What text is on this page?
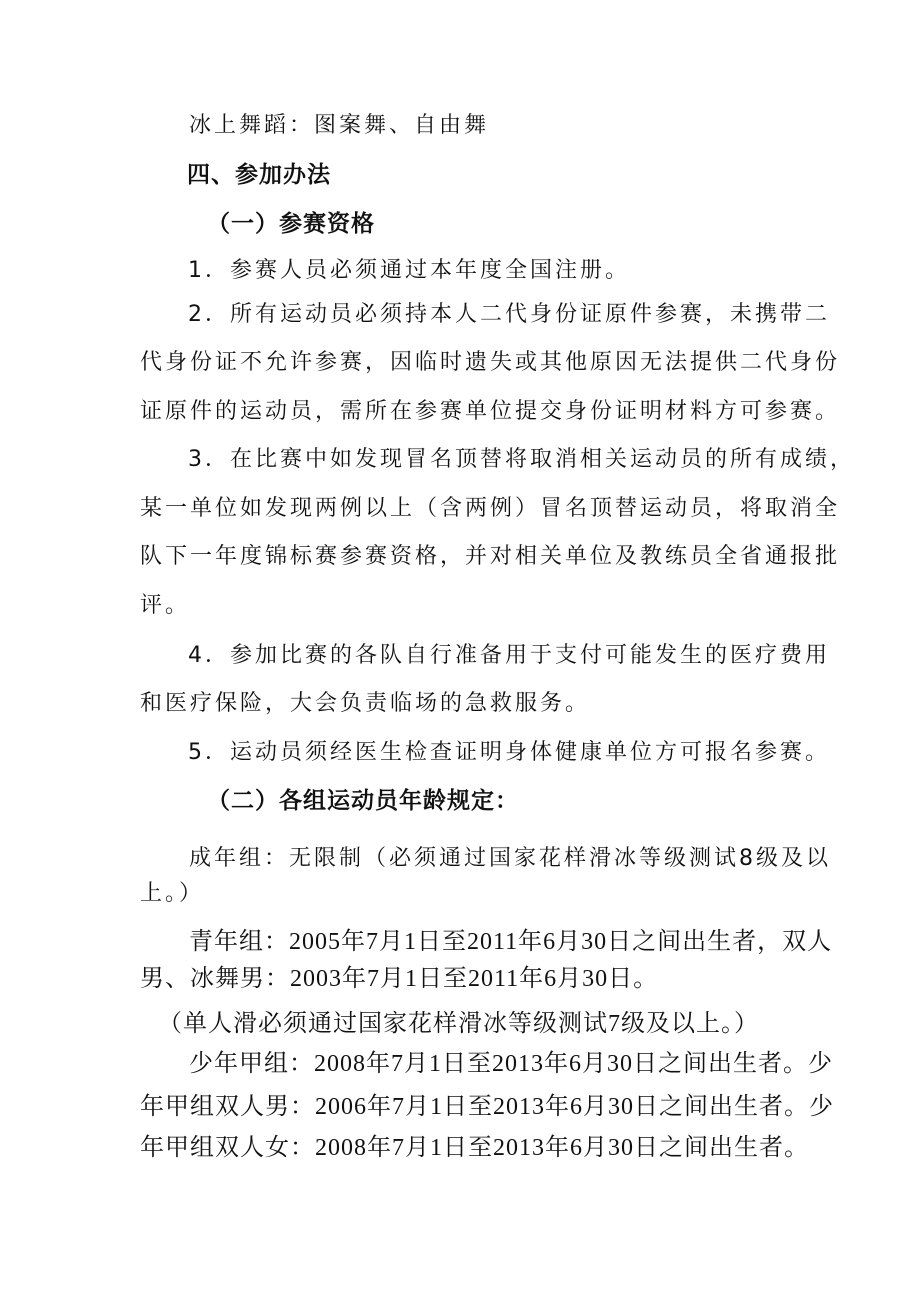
冰上舞蹈：图案舞、自由舞
四、参加办法
（一）参赛资格
1．参赛人员必须通过本年度全国注册。
2．所有运动员必须持本人二代身份证原件参赛，未携带二
代身份证不允许参赛，因临时遗失或其他原因无法提供二代身份
证原件的运动员，需所在参赛单位提交身份证明材料方可参赛。
3．在比赛中如发现冒名顶替将取消相关运动员的所有成绩，
某一单位如发现两例以上（含两例）冒名顶替运动员，将取消全
队下一年度锦标赛参赛资格，并对相关单位及教练员全省通报批
评。
4．参加比赛的各队自行准备用于支付可能发生的医疗费用
和医疗保险，大会负责临场的急救服务。
5．运动员须经医生检查证明身体健康单位方可报名参赛。
（二）各组运动员年龄规定：
成年组：无限制（必须通过国家花样滑冰等级测试8级及以
上。）
青年组：2005年7月1日至2011年6月30日之间出生者，双人
男、冰舞男：2003年7月1日至2011年6月30日。
（单人滑必须通过国家花样滑冰等级测试7级及以上。）
少年甲组：2008年7月1日至2013年6月30日之间出生者。少
年甲组双人男：2006年7月1日至2013年6月30日之间出生者。少
年甲组双人女：2008年7月1日至2013年6月30日之间出生者。
